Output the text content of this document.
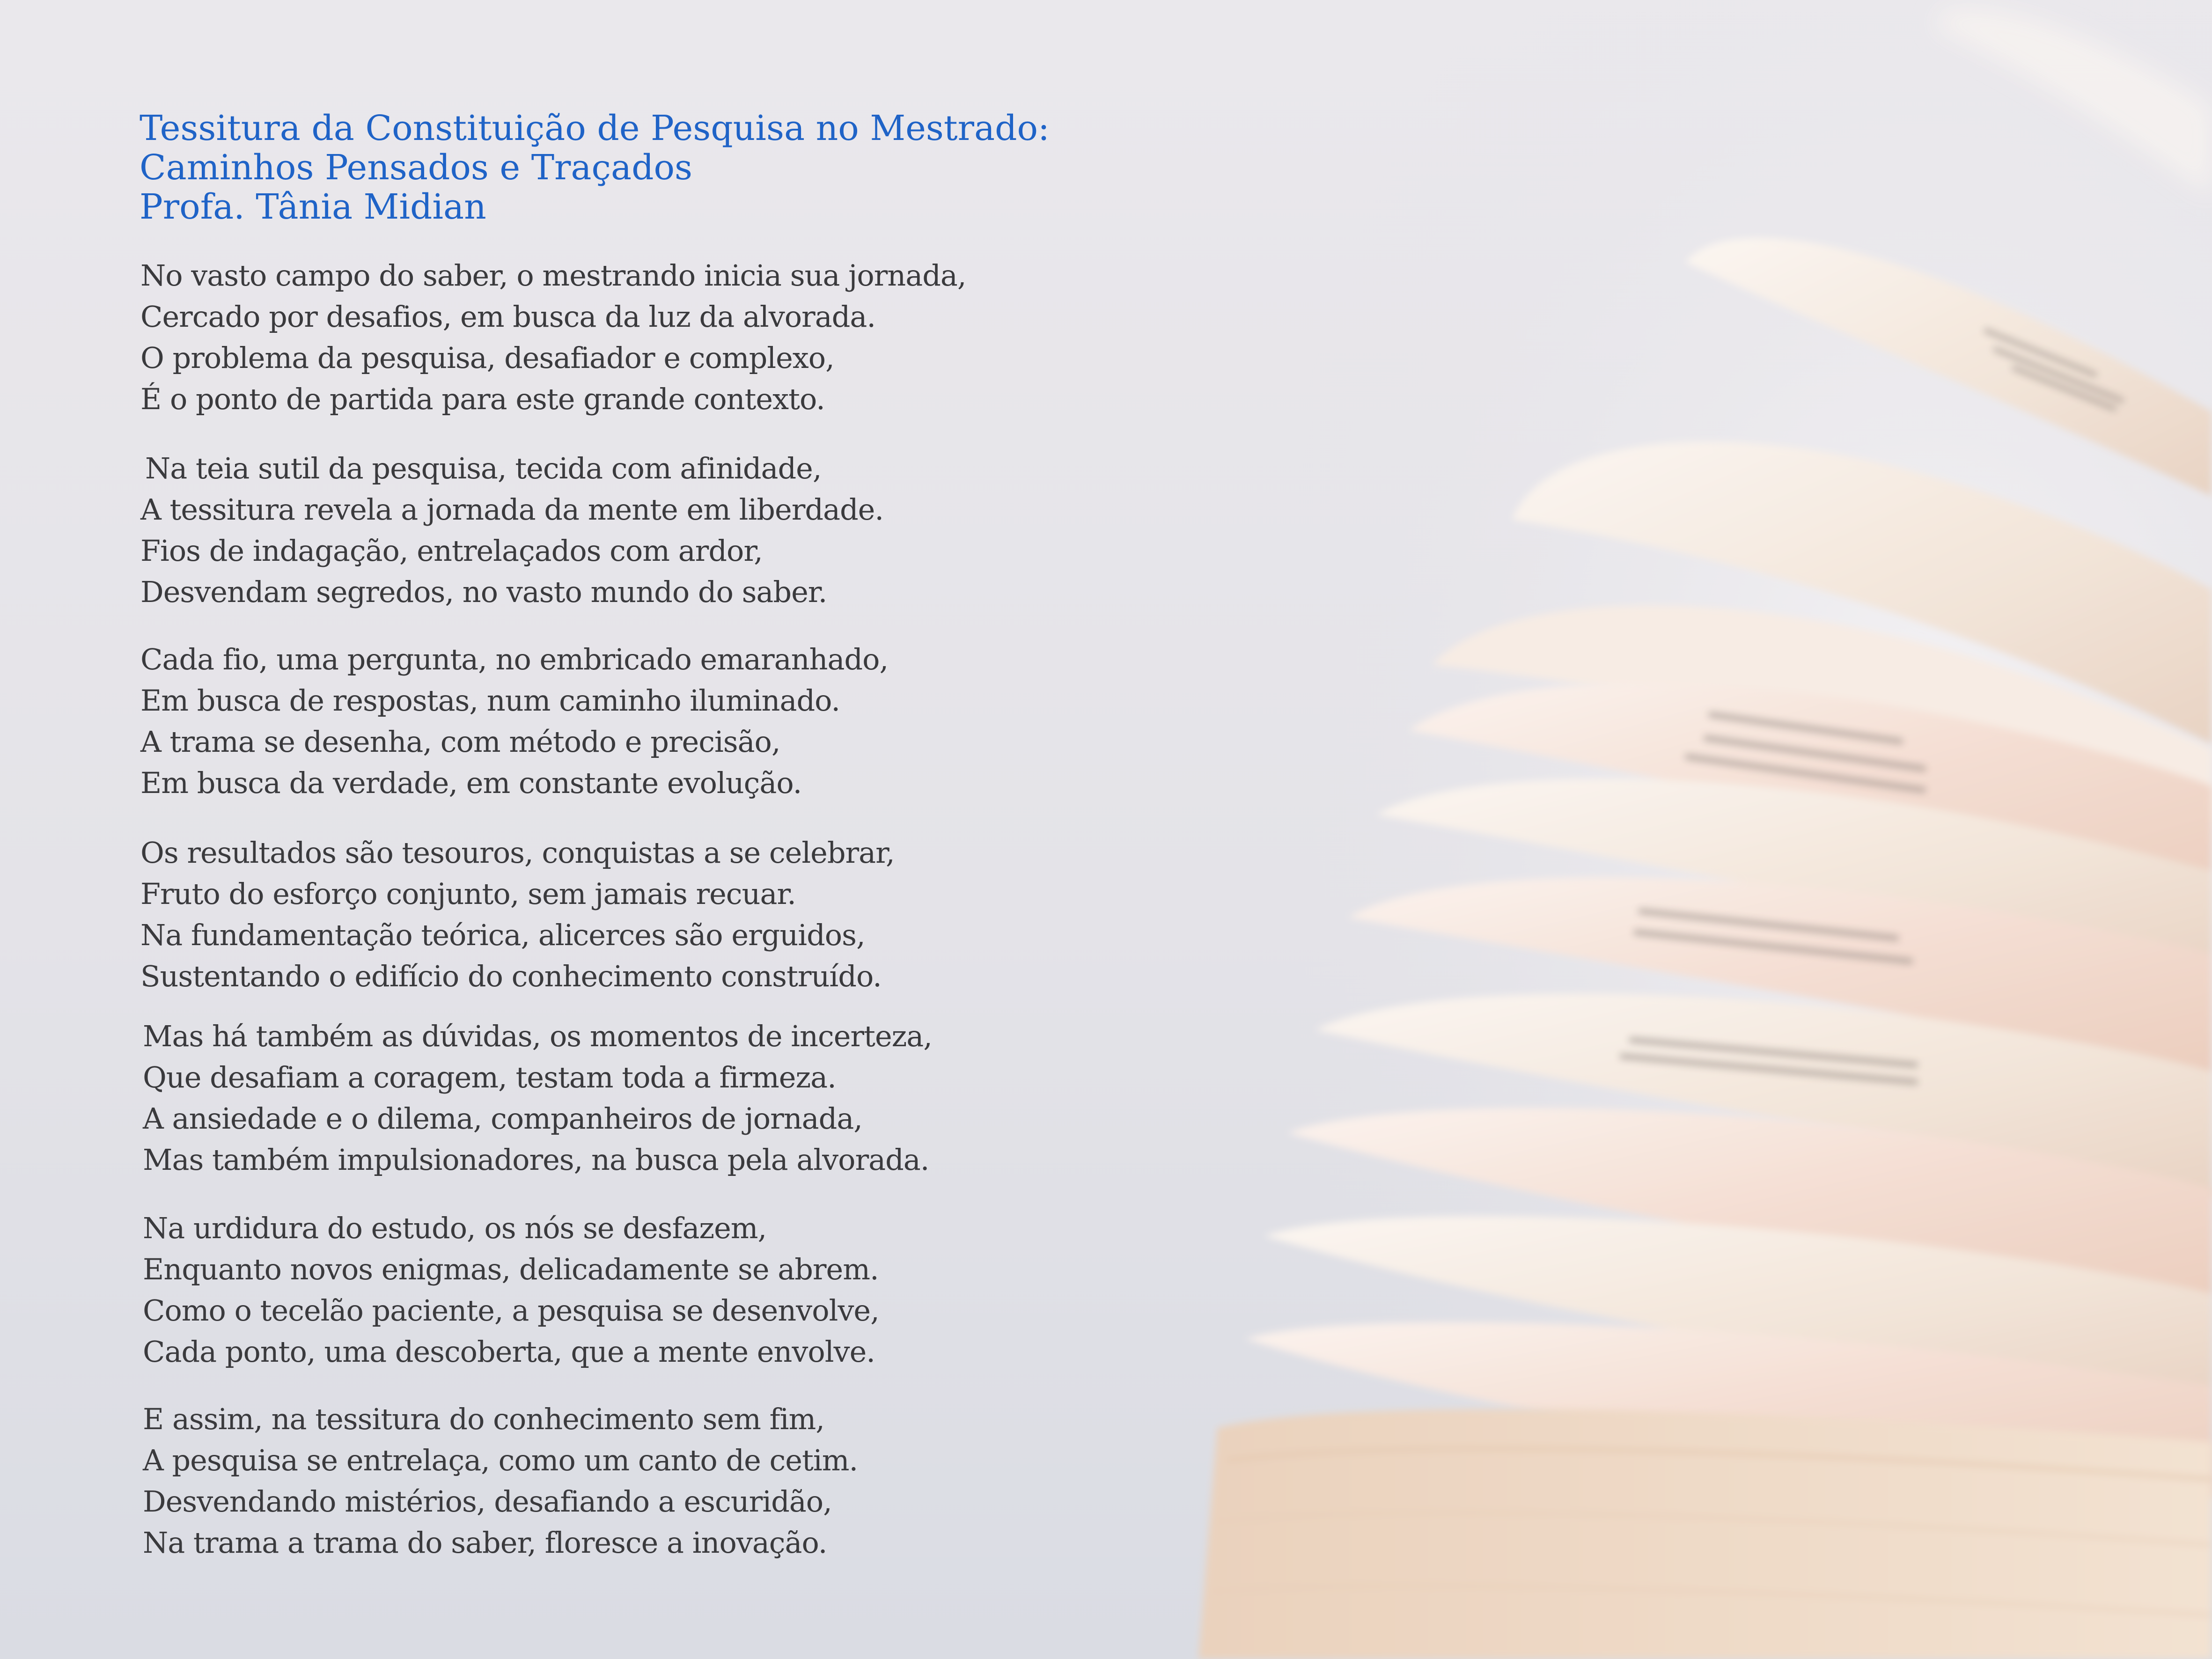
Tessitura da Constituição de Pesquisa no Mestrado:
Caminhos Pensados e Traçados
Profa. Tânia Midian
No vasto campo do saber, o mestrando inicia sua jornada,
Cercado por desafios, em busca da luz da alvorada.
O problema da pesquisa, desafiador e complexo,
É o ponto de partida para este grande contexto.
Na teia sutil da pesquisa, tecida com afinidade,
A tessitura revela a jornada da mente em liberdade.
Fios de indagação, entrelaçados com ardor,
Desvendam segredos, no vasto mundo do saber.
Cada fio, uma pergunta, no embricado emaranhado,
Em busca de respostas, num caminho iluminado.
A trama se desenha, com método e precisão,
Em busca da verdade, em constante evolução.
Os resultados são tesouros, conquistas a se celebrar,
Fruto do esforço conjunto, sem jamais recuar.
Na fundamentação teórica, alicerces são erguidos,
Sustentando o edifício do conhecimento construído.
Mas há também as dúvidas, os momentos de incerteza,
Que desafiam a coragem, testam toda a firmeza.
A ansiedade e o dilema, companheiros de jornada,
Mas também impulsionadores, na busca pela alvorada.
Na urdidura do estudo, os nós se desfazem,
Enquanto novos enigmas, delicadamente se abrem.
Como o tecelão paciente, a pesquisa se desenvolve,
Cada ponto, uma descoberta, que a mente envolve.
E assim, na tessitura do conhecimento sem fim,
A pesquisa se entrelaça, como um canto de cetim.
Desvendando mistérios, desafiando a escuridão,
Na trama a trama do saber, floresce a inovação.
